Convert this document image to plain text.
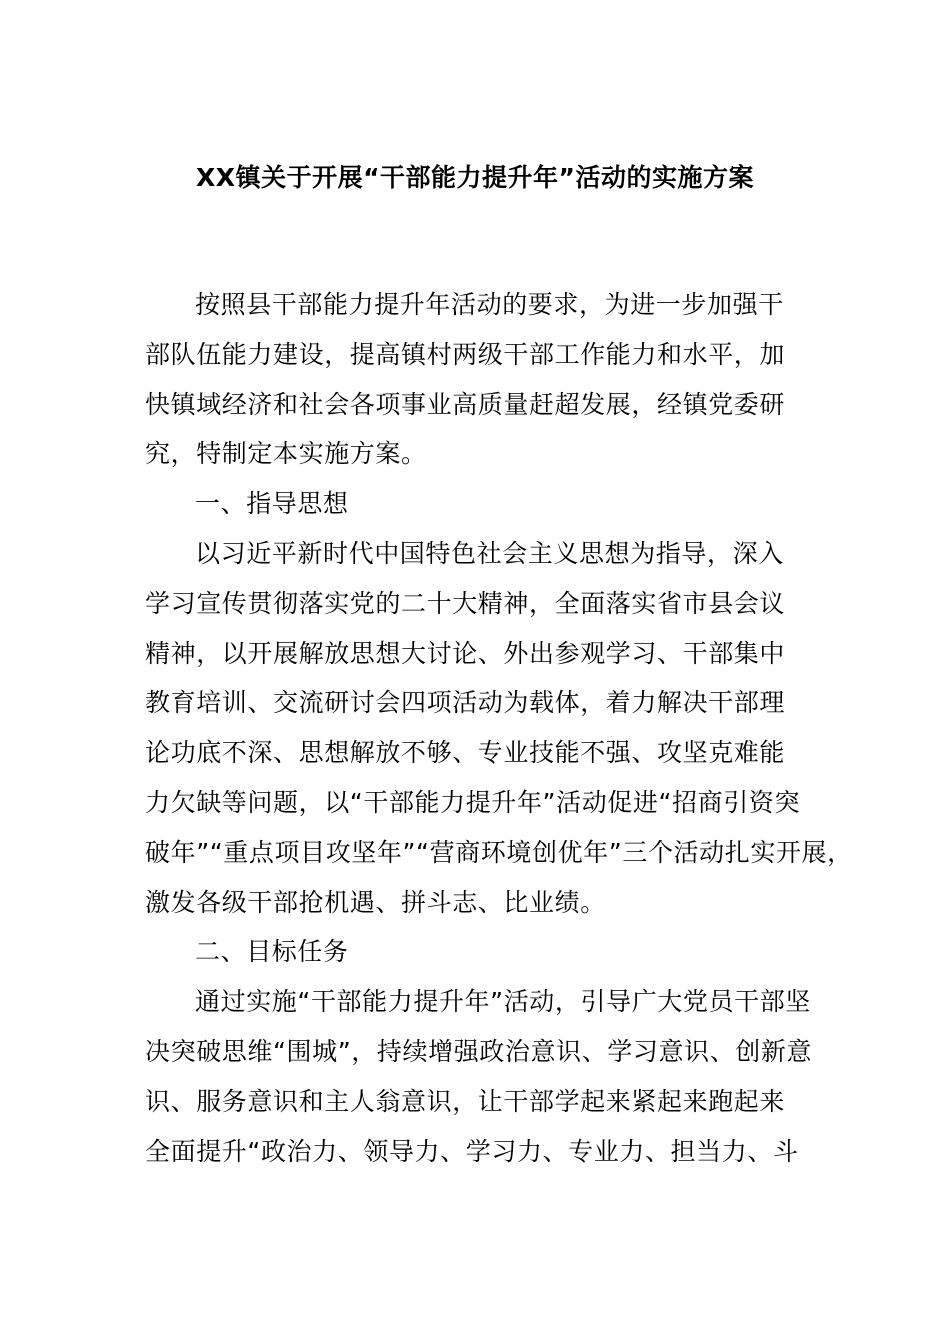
XX镇关于开展“干部能力提升年”活动的实施方案
按照县干部能力提升年活动的要求，为进一步加强干
部队伍能力建设，提高镇村两级干部工作能力和水平，加
快镇域经济和社会各项事业高质量赶超发展，经镇党委研
究，特制定本实施方案。
一、指导思想
以习近平新时代中国特色社会主义思想为指导，深入
学习宣传贯彻落实党的二十大精神，全面落实省市县会议
精神，以开展解放思想大讨论、外出参观学习、干部集中
教育培训、交流研讨会四项活动为载体，着力解决干部理
论功底不深、思想解放不够、专业技能不强、攻坚克难能
力欠缺等问题，以“干部能力提升年”活动促进“招商引资突
破年”“重点项目攻坚年”“营商环境创优年”三个活动扎实开展，
激发各级干部抢机遇、拼斗志、比业绩。
二、目标任务
通过实施“干部能力提升年”活动，引导广大党员干部坚
决突破思维“围城”，持续增强政治意识、学习意识、创新意
识、服务意识和主人翁意识，让干部学起来紧起来跑起来
全面提升“政治力、领导力、学习力、专业力、担当力、斗
